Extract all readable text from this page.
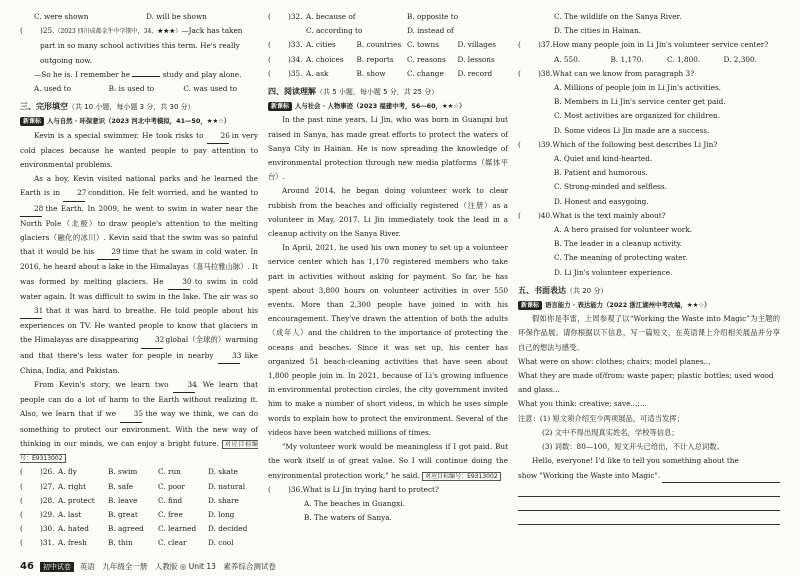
C. were shown	D. will be shown
(	)25.（2023 四川成都金牛中学期中，34，★★★）—Jack has taken part in so many school activities this term. He's really outgoing now.
—So he is. I remember he	study and play alone.
A. used to	B. is used to	C. was used to
三、完形填空（共 10 小题，每小题 3 分，共 30 分）
新课标 人与自然 · 环保意识（2023 河北中考模拟，41—50，★★☆）

Kevin is a special swimmer. He took risks to 26 in very cold places because he wanted people to pay attention to environmental problems.

As a boy, Kevin visited national parks and he learned the Earth is in 27 condition. He felt worried, and he wanted to 28 the Earth. In 2009, he went to swim in water near the North Pole（北极）to draw people's attention to the melting glaciers（融化的冰川）. Kevin said that the swim was so painful that it would be his 29 time that he swam in cold water. In 2016, he heard about a lake in the Himalayas（喜马拉雅山脉）. It was formed by melting glaciers. He	30 to swim in cold water again. It was difficult to swim in the lake. The air was so 31 that it was hard to breathe. He told people about his experiences on TV. He wanted people to know that glaciers in the Himalayas are disappearing 32 global（全球的）warming and that there's less water for people in nearby	33 like China, India, and Pakistan.

From Kevin's story, we learn two	34. We learn that people can do a lot of harm to the Earth without realizing it. Also, we learn that if we 35 the way we think, we can do something to protect our environment. With the new way of thinking in our minds, we can enjoy a bright future. 对应目标编号：E9313002

(	)26. A. fly	B. swim	C. run	D. skate
(	)27. A. right	B. safe	C. poor	D. natural
(	)28. A. protect	B. leave	C. find	D. share
(	)29. A. last	B. great	C. free	D. long
(	)30. A. hated	B. agreed	C. learned	D. decided
(	)31. A. fresh	B. thin	C. clear	D. cool
(	)32. A. because of	B. opposite to
C. according to	D. instead of
(	)33. A. cities	B. countries C. towns	D. villages
(	)34. A. choices	B. reports	C. reasons	D. lessons
(	)35. A. ask	B. show	C. change	D. record
四、阅读理解（共 5 小题，每小题 5 分，共 25 分）
新课标 人与社会 · 人物事迹（2023 福建中考，56—60，★★☆）

In the past nine years, Li Jin, who was born in Guangxi but raised in Sanya, has made great efforts to protect the waters of Sanya City in Hainan. He is now spreading the knowledge of environmental protection through new media platforms（媒体平台）.

Around 2014, he began doing volunteer work to clear rubbish from the beaches and officially registered（注册）as a volunteer in May, 2017. Li Jin immediately took the lead in a cleanup activity on the Sanya River.

In April, 2021, he used his own money to set up a volunteer service center which has 1,170 registered members who take part in activities without asking for payment. So far, he has spent about 3,800 hours on volunteer activities in over 550 events. More than 2,300 people have joined in with his encouragement. They've drawn the attention of both the adults（成年人）and the children to the importance of protecting the oceans and beaches. Since it was set up, his center has organized 51 beach-cleaning activities that have seen about 1,800 people join in. In 2021, because of Li's growing influence in environmental protection circles, the city government invited him to make a number of short videos, in which he uses simple words to explain how to protect the environment. Several of the videos have been watched millions of times.

"My volunteer work would be meaningless if I got paid. But the work itself is of great value. So I will continue doing the environmental protection work," he said. 对应目标编号：E9313002

(	)36. What is Li Jin trying hard to protect?
A. The beaches in Guangxi.
B. The waters of Sanya.
C. The wildlife on the Sanya River.
D. The cities in Hainan.
(	)37. How many people join in Li Jin's volunteer service center?
A. 550.	B. 1,170.	C. 1,800.	D. 2,300.
(	)38. What can we know from paragraph 3?
A. Millions of people join in Li Jin's activities.
B. Members in Li Jin's service center get paid.
C. Most activities are organized for children.
D. Some videos Li Jin made are a success.
(	)39. Which of the following best describes Li Jin?
A. Quiet and kind-hearted.
B. Patient and humorous.
C. Strong-minded and selfless.
D. Honest and easygoing.
(	)40. What is the text mainly about?
A. A hero praised for volunteer work.
B. The leader in a cleanup activity.
C. The meaning of protecting water.
D. Li Jin's volunteer experience.
五、书面表达（共 20 分）
新课标 语言能力 · 表达能力（2022 浙江湖州中考改编，★★☆）

假如你是李雷，上周参观了以“Working the Waste into Magic”为主题的环保作品展。请你根据以下信息，写一篇短文，在英语课上介绍相关展品并分享自己的想法与感受。

What were on show: clothes; chairs; model planes...
What they are made of/from: waste paper; plastic bottles; used wood and glass...
What you think: creative; save...;...
注意：(1) 短文须介绍至少两项展品，可适当发挥；
(2) 文中不得出现真实姓名，学校等信息；
(3) 词数：80—100，短文开头已给出，不计入总词数。

Hello, everyone! I'd like to tell you something about the

show "Working the Waste into Magic".
46	初中试卷	英语　九年级全一册　人教版 ◎ Unit 13　素养综合测试卷
